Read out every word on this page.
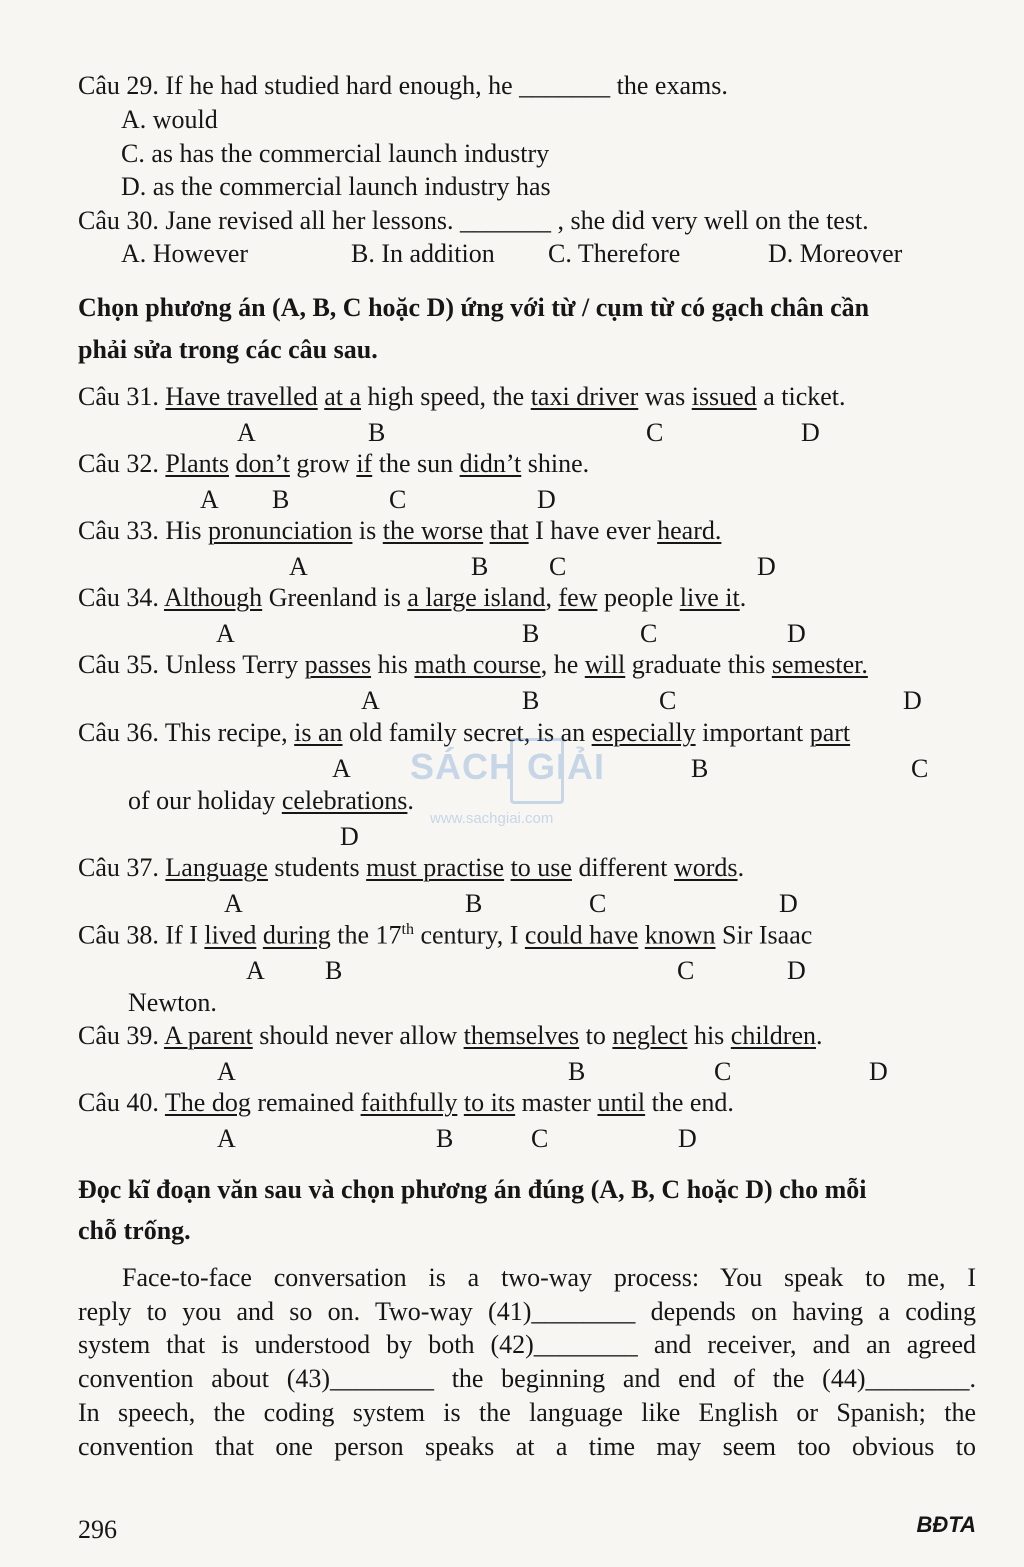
Câu 29. If he had studied hard enough, he _______ the exams.
A. would
C. as has the commercial launch industry
D. as the commercial launch industry has
Câu 30. Jane revised all her lessons. _______ , she did very well on the test.
A. However	B. In addition C. Therefore	D. Moreover
Chọn phương án (A, B, C hoặc D) ứng với từ / cụm từ có gạch chân cần
phải sửa trong các câu sau.
Câu 31. Have travelled at a high speed, the taxi driver was issued a ticket.
A	B	C	D
Câu 32. Plants don’t grow if the sun didn’t shine.
A B	C	D
Câu 33. His pronunciation is the worse that I have ever heard.
A	B C	D
Câu 34. Although Greenland is a large island, few people live it.
A	B	C	D
Câu 35. Unless Terry passes his math course, he will graduate this semester.
A	B	C	D
Câu 36. This recipe, is an old family secret, is an especially important part
A	B	C
of our holiday celebrations.
D
Câu 37. Language students must practise to use different words.
A	B	C	D
Câu 38. If I lived during the 17th century, I could have known Sir Isaac
A B	C	D
Newton.
Câu 39. A parent should never allow themselves to neglect his children.
A	B	C	D
Câu 40. The dog remained faithfully to its master until the end.
A	B	C	D
Đọc kĩ đoạn văn sau và chọn phương án đúng (A, B, C hoặc D) cho mỗi
chỗ trống.
Face-to-face conversation is a two-way process: You speak to me, I
reply to you and so on. Two-way (41)________ depends on having a coding
system that is understood by both (42)________ and receiver, and an agreed
convention about (43)________ the beginning and end of the (44)________.
In speech, the coding system is the language like English or Spanish; the
convention that one person speaks at a time may seem too obvious to
SÁCH GIẢI
www.sachgiai.com
296	BĐTA
